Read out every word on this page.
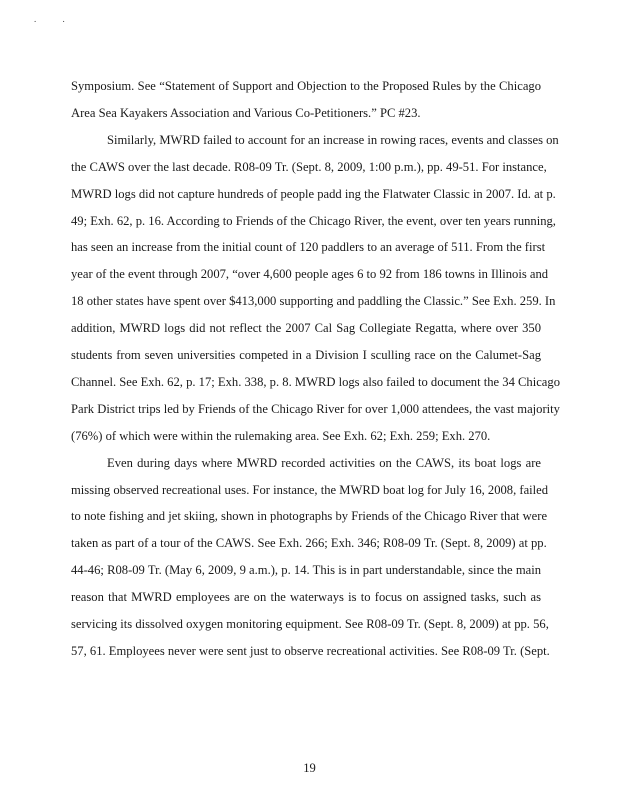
. .
Symposium. See “Statement of Support and Objection to the Proposed Rules by the Chicago
Area Sea Kayakers Association and Various Co-Petitioners.” PC #23.
Similarly, MWRD failed to account for an increase in rowing races, events and classes on
the CAWS over the last decade. R08-09 Tr. (Sept. 8, 2009, 1:00 p.m.), pp. 49-51. For instance,
MWRD logs did not capture hundreds of people padd ing the Flatwater Classic in 2007. Id. at p.
49; Exh. 62, p. 16. According to Friends of the Chicago River, the event, over ten years running,
has seen an increase from the initial count of 120 paddlers to an average of 511. From the first
year of the event through 2007, “over 4,600 people ages 6 to 92 from 186 towns in Illinois and
18 other states have spent over $413,000 supporting and paddling the Classic.” See Exh. 259. In
addition, MWRD logs did not reflect the 2007 Cal Sag Collegiate Regatta, where over 350
students from seven universities competed in a Division I sculling race on the Calumet-Sag
Channel. See Exh. 62, p. 17; Exh. 338, p. 8. MWRD logs also failed to document the 34 Chicago
Park District trips led by Friends of the Chicago River for over 1,000 attendees, the vast majority
(76%) of which were within the rulemaking area. See Exh. 62; Exh. 259; Exh. 270.
Even during days where MWRD recorded activities on the CAWS, its boat logs are
missing observed recreational uses. For instance, the MWRD boat log for July 16, 2008, failed
to note fishing and jet skiing, shown in photographs by Friends of the Chicago River that were
taken as part of a tour of the CAWS. See Exh. 266; Exh. 346; R08-09 Tr. (Sept. 8, 2009) at pp.
44-46; R08-09 Tr. (May 6, 2009, 9 a.m.), p. 14. This is in part understandable, since the main
reason that MWRD employees are on the waterways is to focus on assigned tasks, such as
servicing its dissolved oxygen monitoring equipment. See R08-09 Tr. (Sept. 8, 2009) at pp. 56,
57, 61. Employees never were sent just to observe recreational activities. See R08-09 Tr. (Sept.
19
